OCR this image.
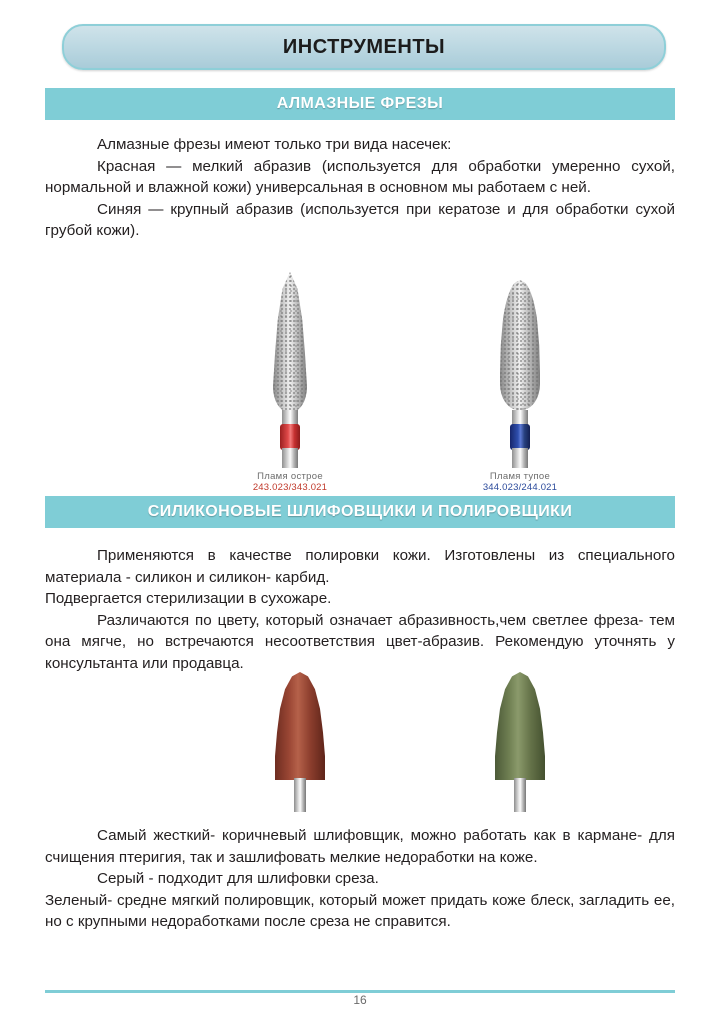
ИНСТРУМЕНТЫ
АЛМАЗНЫЕ ФРЕЗЫ

Алмазные фрезы имеют только три вида насечек:

Красная — мелкий абразив (используется для обработки умеренно сухой, нормальной и влажной кожи) универсальная в основном мы работаем с ней.

Синяя — крупный абразив (используется при кератозе и для обработки сухой грубой кожи).

Пламя острое
243.023/343.021
Пламя тупое
344.023/244.021
СИЛИКОНОВЫЕ ШЛИФОВЩИКИ И ПОЛИРОВЩИКИ

Применяются в качестве полировки кожи. Изготовлены из специального материала - силикон и силикон- карбид.

Подвергается стерилизации в сухожаре.

Различаются по цвету, который означает абразивность,чем светлее фреза- тем она мягче, но встречаются несоответствия цвет-абразив. Рекомендую уточнять у консультанта или продавца.

Самый жесткий- коричневый шлифовщик, можно работать как в кармане- для счищения птеригия, так и зашлифовать мелкие недоработки на коже.

Серый - подходит для шлифовки среза.

Зеленый- средне мягкий полировщик, который может придать коже блеск, загладить ее, но с крупными недоработками после среза не справится.

16
